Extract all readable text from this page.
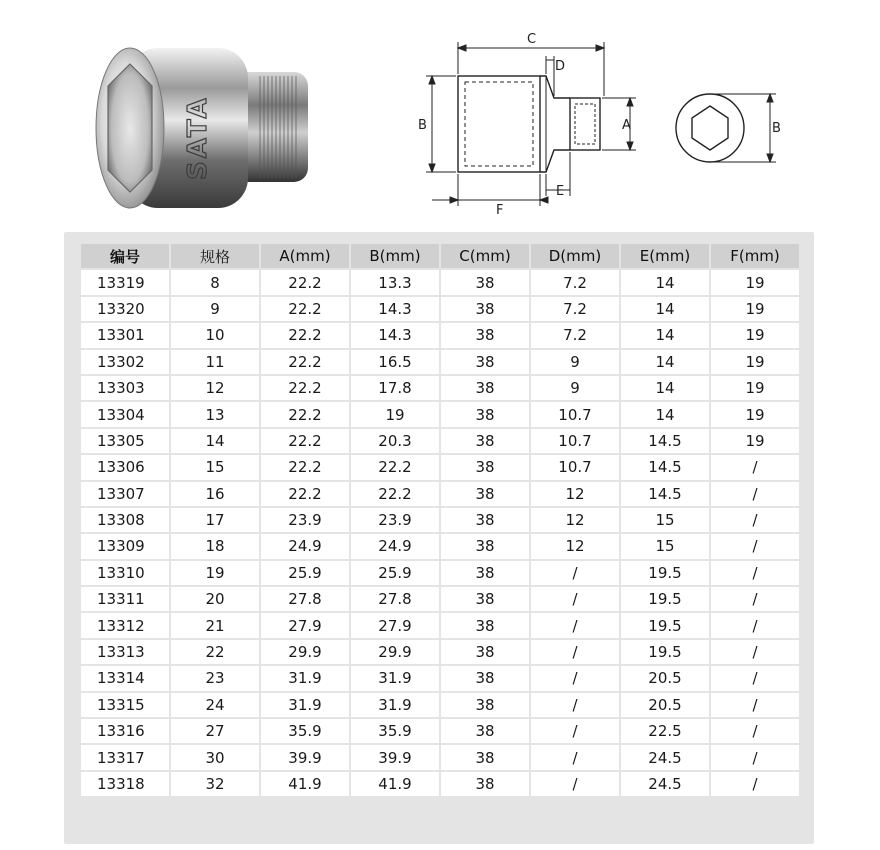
SATA
C
D
B	A
E
F
B
编号	规格	A(mm)	B(mm)	C(mm)	D(mm)	E(mm)	F(mm)
13319	8	22.2	13.3	38	7.2	14	19
13320	9	22.2	14.3	38	7.2	14	19
13301	10	22.2	14.3	38	7.2	14	19
13302	11	22.2	16.5	38	9	14	19
13303	12	22.2	17.8	38	9	14	19
13304	13	22.2	19	38	10.7	14	19
13305	14	22.2	20.3	38	10.7	14.5	19
13306	15	22.2	22.2	38	10.7	14.5	/
13307	16	22.2	22.2	38	12	14.5	/
13308	17	23.9	23.9	38	12	15	/
13309	18	24.9	24.9	38	12	15	/
13310	19	25.9	25.9	38	/	19.5	/
13311	20	27.8	27.8	38	/	19.5	/
13312	21	27.9	27.9	38	/	19.5	/
13313	22	29.9	29.9	38	/	19.5	/
13314	23	31.9	31.9	38	/	20.5	/
13315	24	31.9	31.9	38	/	20.5	/
13316	27	35.9	35.9	38	/	22.5	/
13317	30	39.9	39.9	38	/	24.5	/
13318	32	41.9	41.9	38	/	24.5	/
